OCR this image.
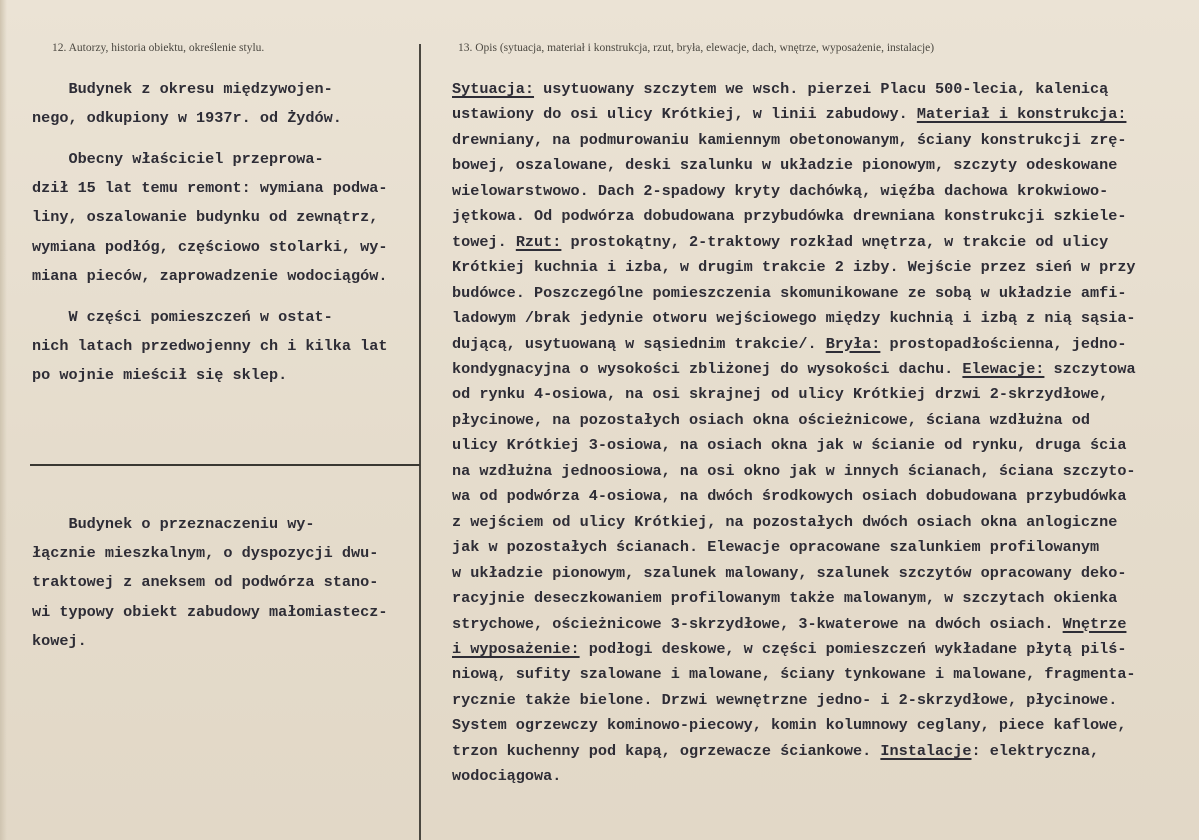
12. Autorzy, historia obiektu, określenie stylu.	13. Opis (sytuacja, materiał i konstrukcja, rzut, bryła, elewacje, dach, wnętrze, wyposażenie, instalacje)
Budynek z okresu międzywojen-
nego, odkupiony w 1937r. od Żydów.
Obecny właściciel przeprowa-
dził 15 lat temu remont: wymiana podwa-
liny, oszalowanie budynku od zewnątrz,
wymiana podłóg, częściowo stolarki, wy-
miana pieców, zaprowadzenie wodociągów.
W części pomieszczeń w ostat-
nich latach przedwojenny ch i kilka lat
po wojnie mieścił się sklep.
Budynek o przeznaczeniu wy-
łącznie mieszkalnym, o dyspozycji dwu-
traktowej z aneksem od podwórza stano-
wi typowy obiekt zabudowy małomiastecz-
kowej.
Sytuacja: usytuowany szczytem we wsch. pierzei Placu 500-lecia, kalenicą
ustawiony do osi ulicy Krótkiej, w linii zabudowy. Materiał i konstrukcja:
drewniany, na podmurowaniu kamiennym obetonowanym, ściany konstrukcji zrę-
bowej, oszalowane, deski szalunku w układzie pionowym, szczyty odeskowane
wielowarstwowo. Dach 2-spadowy kryty dachówką, więźba dachowa krokwiowo-
jętkowa. Od podwórza dobudowana przybudówka drewniana konstrukcji szkiele-
towej. Rzut: prostokątny, 2-traktowy rozkład wnętrza, w trakcie od ulicy
Krótkiej kuchnia i izba, w drugim trakcie 2 izby. Wejście przez sień w przy
budówce. Poszczególne pomieszczenia skomunikowane ze sobą w układzie amfi-
ladowym /brak jedynie otworu wejściowego między kuchnią i izbą z nią sąsia-
dującą, usytuowaną w sąsiednim trakcie/. Bryła: prostopadłościenna, jedno-
kondygnacyjna o wysokości zbliżonej do wysokości dachu. Elewacje: szczytowa
od rynku 4-osiowa, na osi skrajnej od ulicy Krótkiej drzwi 2-skrzydłowe,
płycinowe, na pozostałych osiach okna ościeżnicowe, ściana wzdłużna od
ulicy Krótkiej 3-osiowa, na osiach okna jak w ścianie od rynku, druga ścia
na wzdłużna jednoosiowa, na osi okno jak w innych ścianach, ściana szczyto-
wa od podwórza 4-osiowa, na dwóch środkowych osiach dobudowana przybudówka
z wejściem od ulicy Krótkiej, na pozostałych dwóch osiach okna anlogiczne
jak w pozostałych ścianach. Elewacje opracowane szalunkiem profilowanym
w układzie pionowym, szalunek malowany, szalunek szczytów opracowany deko-
racyjnie deseczkowaniem profilowanym także malowanym, w szczytach okienka
strychowe, ościeżnicowe 3-skrzydłowe, 3-kwaterowe na dwóch osiach. Wnętrze
i wyposażenie: podłogi deskowe, w części pomieszczeń wykładane płytą pilś-
niową, sufity szalowane i malowane, ściany tynkowane i malowane, fragmenta-
rycznie także bielone. Drzwi wewnętrzne jedno- i 2-skrzydłowe, płycinowe.
System ogrzewczy kominowo-piecowy, komin kolumnowy ceglany, piece kaflowe,
trzon kuchenny pod kapą, ogrzewacze ściankowe. Instalacje: elektryczna,
wodociągowa.
